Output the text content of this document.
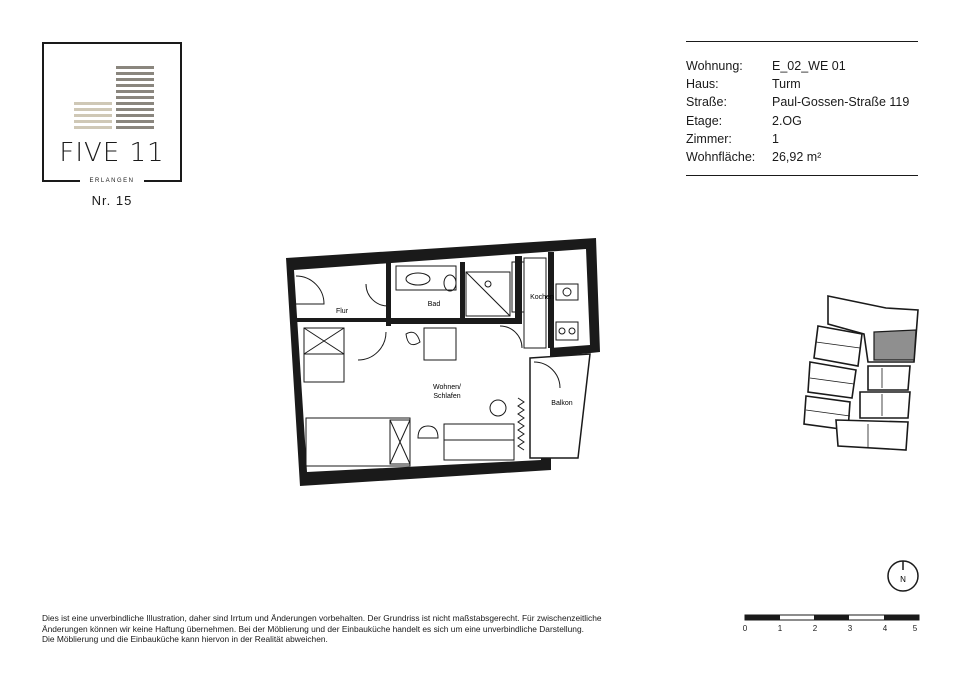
FIVE 11
ERLANGEN
Nr. 15
Wohnung:	E_02_WE 01
Haus:	Turm
Straße:	Paul-Gossen-Straße 119
Etage:	2.OG
Zimmer:	1
Wohnfläche:	26,92 m²
Flur
Bad
Kochen
Wohnen/
Schlafen
Balkon
N
Dies ist eine unverbindliche Illustration, daher sind Irrtum und Änderungen vorbehalten. Der Grundriss ist nicht maßstabsgerecht. Für zwischenzeitliche
Änderungen können wir keine Haftung übernehmen. Bei der Möblierung und der Einbauküche handelt es sich um eine unverbindliche Darstellung.
Die Möblierung und die Einbauküche kann hiervon in der Realität abweichen.
0	1	2	3	4	5
